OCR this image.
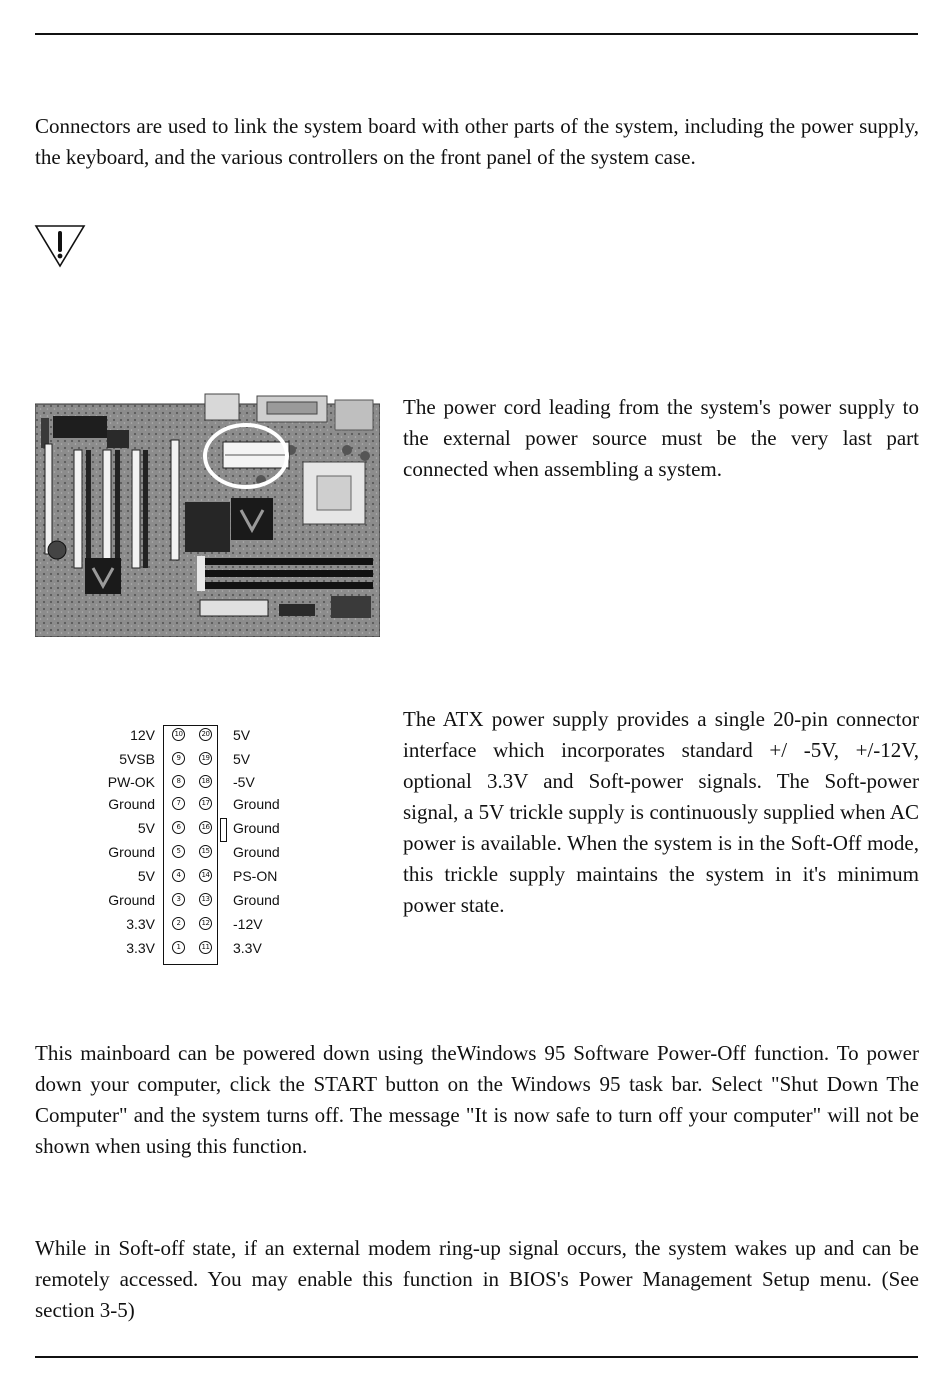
Connectors are used to link the system board with other parts of the system, including the power supply, the keyboard, and the various controllers on the front panel of the system case.

The power cord leading from the system's power supply to the external power source must be the very last part connected when assembling a system.

12V	10	20 5V
5VSB	9	19 5V
PW-OK	8	18 -5V
Ground	7	17 Ground
5V	6	16 Ground
Ground	5	15 Ground
5V	4	14 PS-ON
Ground	3	13 Ground
3.3V	2	12 -12V
3.3V	1	11 3.3V

The ATX power supply provides a single 20-pin connector interface which incorporates standard +/ -5V, +/-12V, optional 3.3V and Soft-power signals. The Soft-power signal, a 5V trickle supply is continuously supplied when AC power is available. When the system is in the Soft-Off mode, this trickle supply maintains the system in it's minimum power state.

This mainboard can be powered down using theWindows 95 Software Power-Off function. To power down your computer, click the START button on the Windows 95 task bar. Select "Shut Down The Computer" and the system turns off. The message "It is now safe to turn off your computer" will not be shown when using this function.

While in Soft-off state, if an external modem ring-up signal occurs, the system wakes up and can be remotely accessed. You may enable this function in BIOS's Power Management Setup menu. (See section 3-5)
